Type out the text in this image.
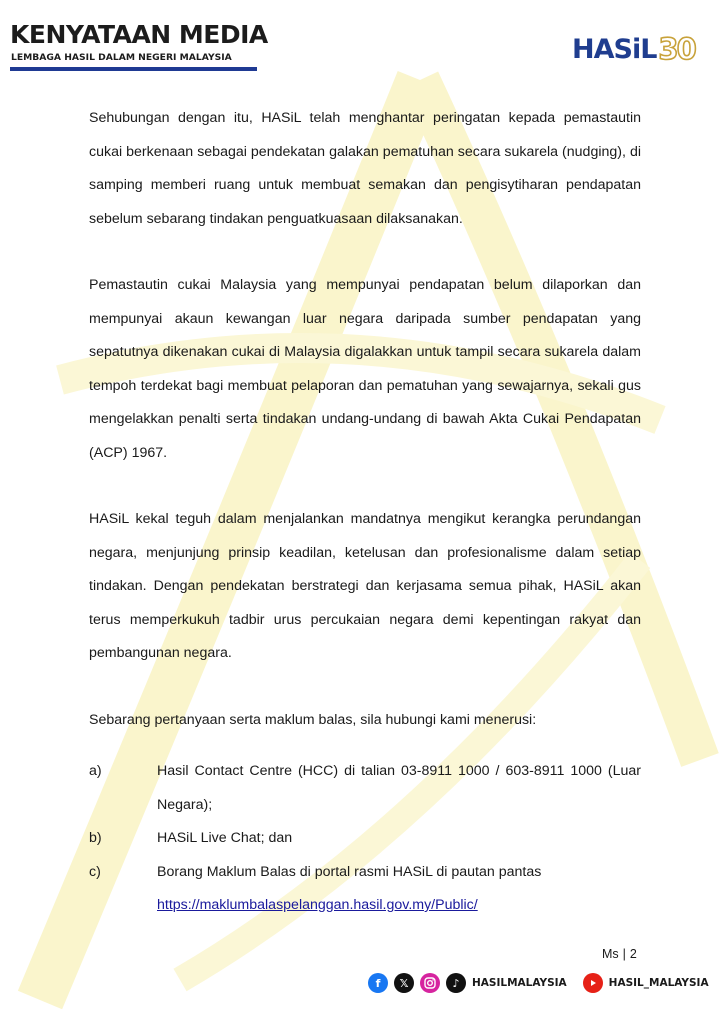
KENYATAAN MEDIA
LEMBAGA HASIL DALAM NEGERI MALAYSIA	HASiL 30

Sehubungan dengan itu, HASiL telah menghantar peringatan kepada pemastautin cukai berkenaan sebagai pendekatan galakan pematuhan secara sukarela (nudging), di samping memberi ruang untuk membuat semakan dan pengisytiharan pendapatan sebelum sebarang tindakan penguatkuasaan dilaksanakan.

Pemastautin cukai Malaysia yang mempunyai pendapatan belum dilaporkan dan mempunyai akaun kewangan luar negara daripada sumber pendapatan yang sepatutnya dikenakan cukai di Malaysia digalakkan untuk tampil secara sukarela dalam tempoh terdekat bagi membuat pelaporan dan pematuhan yang sewajarnya, sekali gus mengelakkan penalti serta tindakan undang-undang di bawah Akta Cukai Pendapatan (ACP) 1967.

HASiL kekal teguh dalam menjalankan mandatnya mengikut kerangka perundangan negara, menjunjung prinsip keadilan, ketelusan dan profesionalisme dalam setiap tindakan. Dengan pendekatan berstrategi dan kerjasama semua pihak, HASiL akan terus memperkukuh tadbir urus percukaian negara demi kepentingan rakyat dan pembangunan negara.

Sebarang pertanyaan serta maklum balas, sila hubungi kami menerusi:

a)	Hasil Contact Centre (HCC) di talian 03-8911 1000 / 603-8911 1000 (Luar Negara);
b)	HASiL Live Chat; dan
c)	Borang Maklum Balas di portal rasmi HASiL di pautan pantas
https://maklumbalaspelanggan.hasil.gov.my/Public/
Ms | 2
f	𝕏	♪	HASILMALAYSIA	HASIL_MALAYSIA
